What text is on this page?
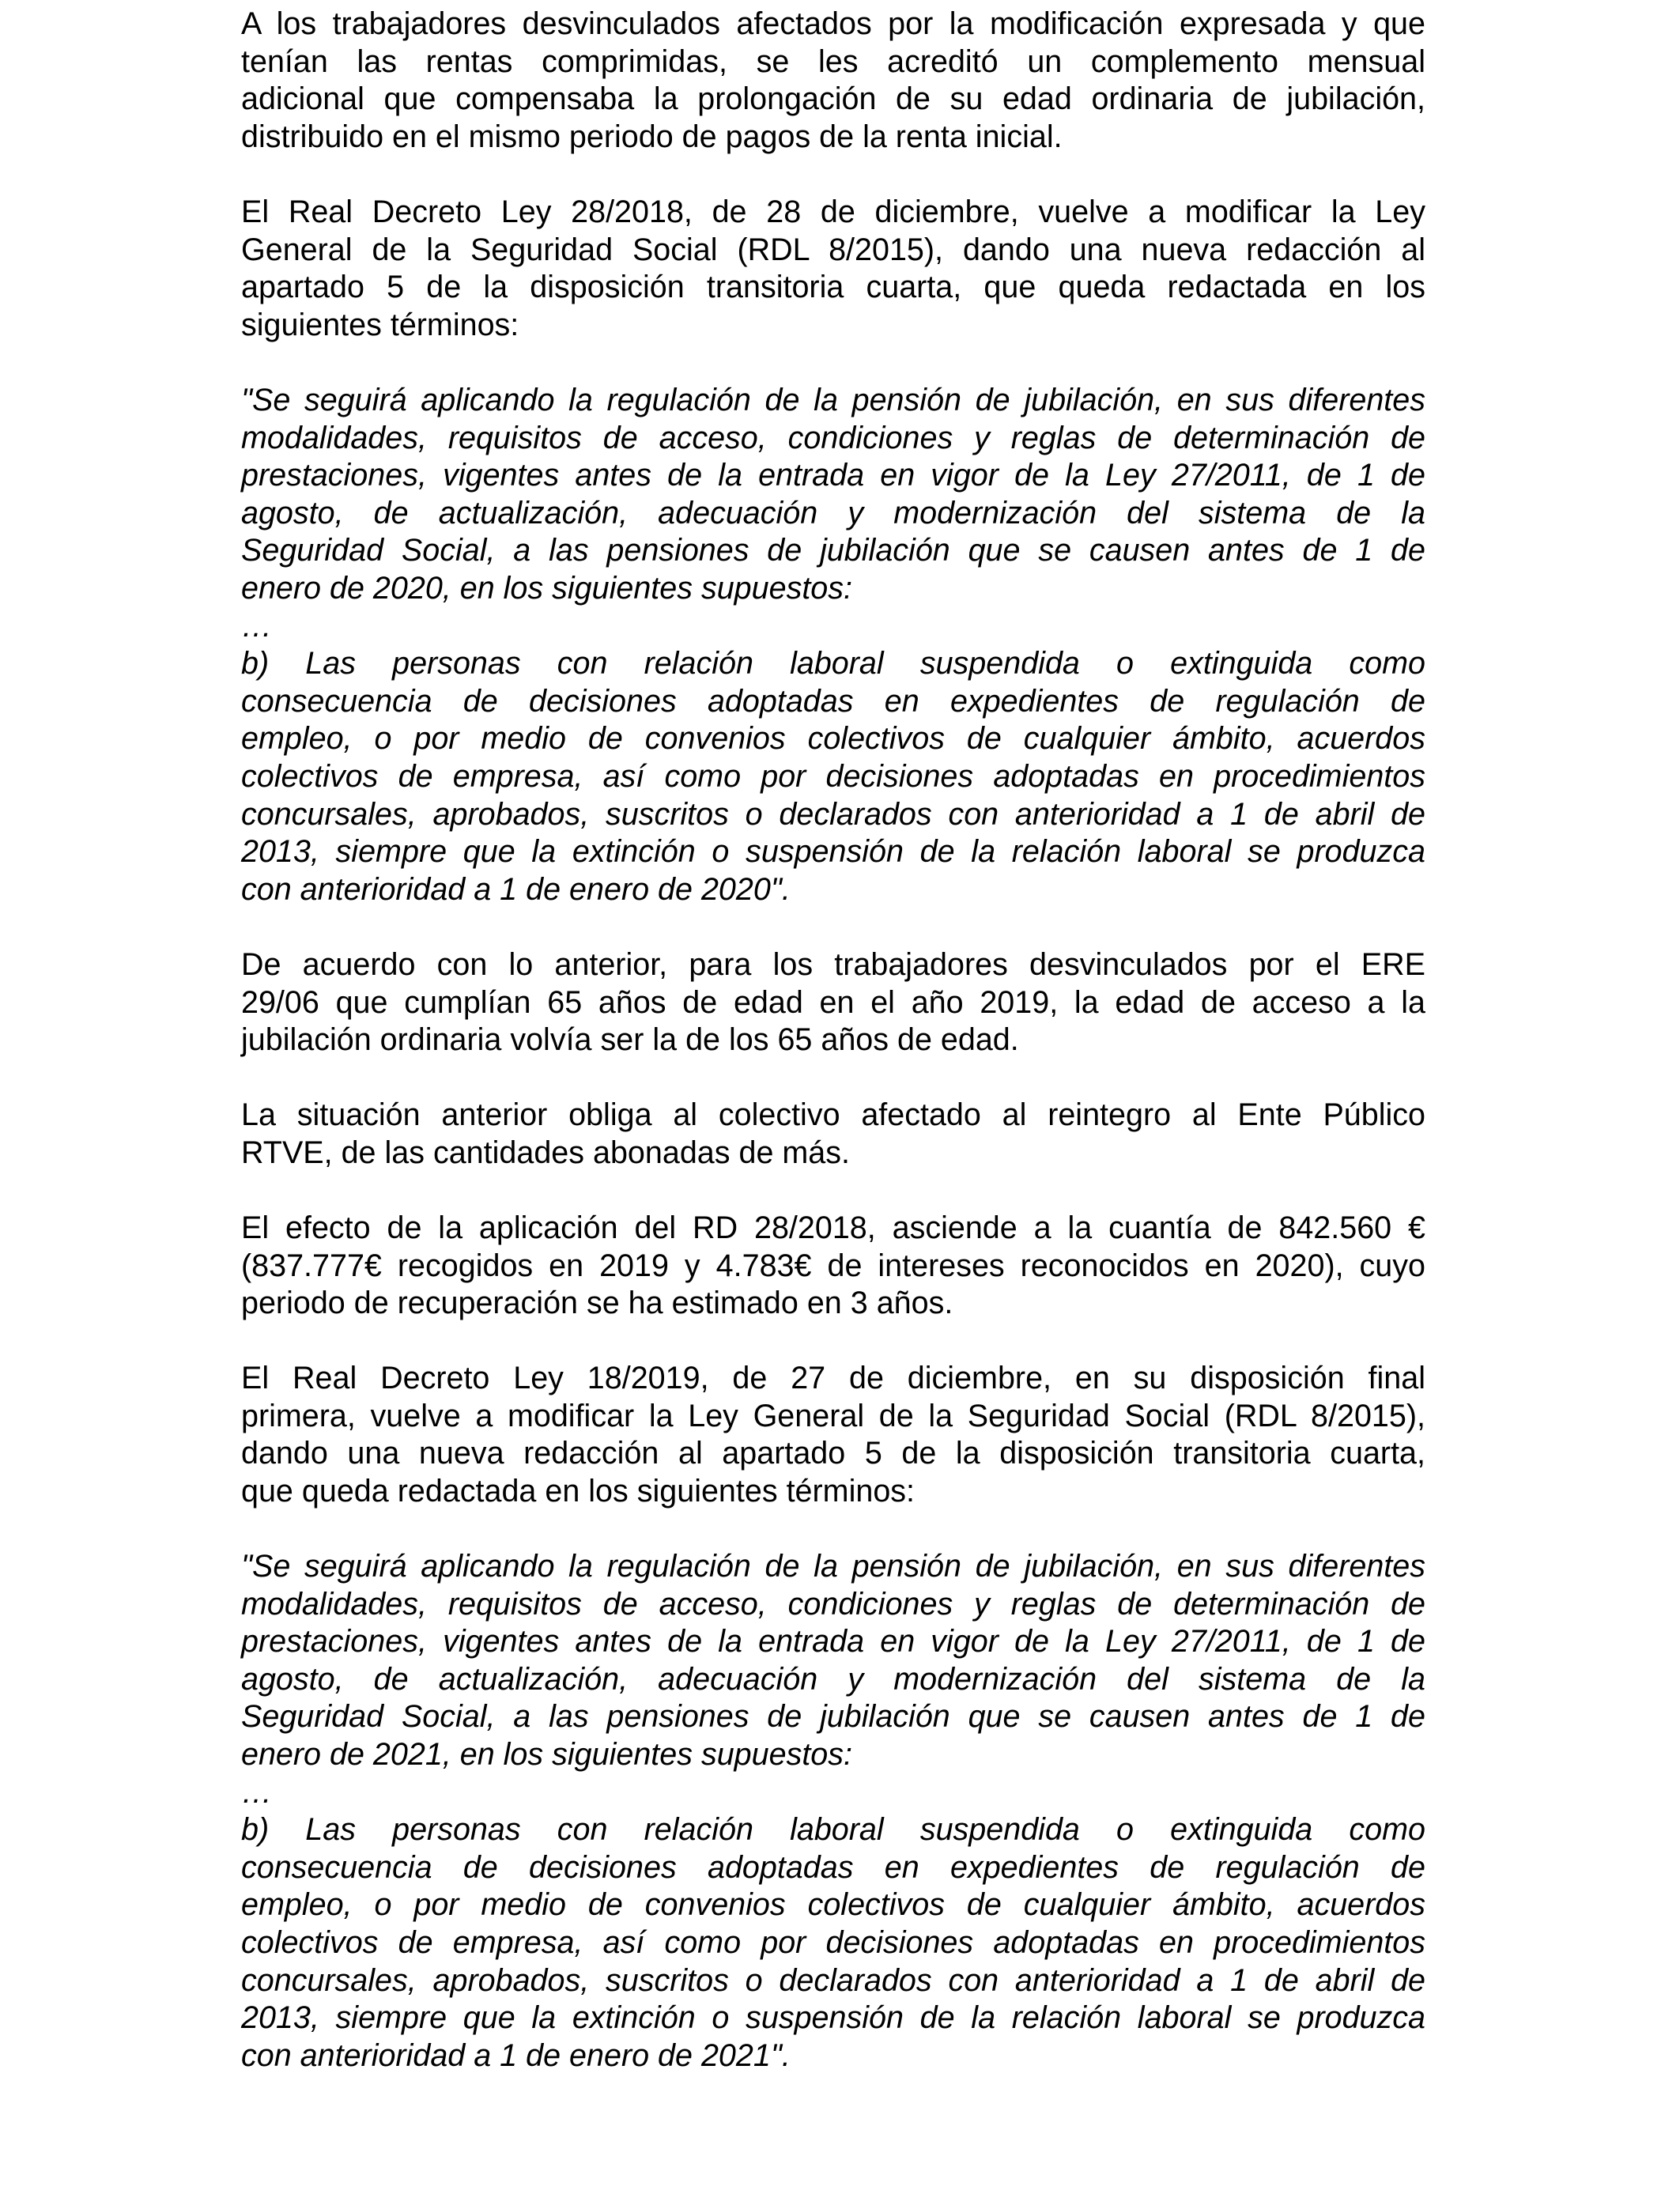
A los trabajadores desvinculados afectados por la modificación expresada y que
tenían las rentas comprimidas, se les acreditó un complemento mensual
adicional que compensaba la prolongación de su edad ordinaria de jubilación,
distribuido en el mismo periodo de pagos de la renta inicial.
El Real Decreto Ley 28/2018, de 28 de diciembre, vuelve a modificar la Ley
General de la Seguridad Social (RDL 8/2015), dando una nueva redacción al
apartado 5 de la disposición transitoria cuarta, que queda redactada en los
siguientes términos:
"Se seguirá aplicando la regulación de la pensión de jubilación, en sus diferentes
modalidades, requisitos de acceso, condiciones y reglas de determinación de
prestaciones, vigentes antes de la entrada en vigor de la Ley 27/2011, de 1 de
agosto, de actualización, adecuación y modernización del sistema de la
Seguridad Social, a las pensiones de jubilación que se causen antes de 1 de
enero de 2020, en los siguientes supuestos:
…
b) Las personas con relación laboral suspendida o extinguida como
consecuencia de decisiones adoptadas en expedientes de regulación de
empleo, o por medio de convenios colectivos de cualquier ámbito, acuerdos
colectivos de empresa, así como por decisiones adoptadas en procedimientos
concursales, aprobados, suscritos o declarados con anterioridad a 1 de abril de
2013, siempre que la extinción o suspensión de la relación laboral se produzca
con anterioridad a 1 de enero de 2020".
De acuerdo con lo anterior, para los trabajadores desvinculados por el ERE
29/06 que cumplían 65 años de edad en el año 2019, la edad de acceso a la
jubilación ordinaria volvía ser la de los 65 años de edad.
La situación anterior obliga al colectivo afectado al reintegro al Ente Público
RTVE, de las cantidades abonadas de más.
El efecto de la aplicación del RD 28/2018, asciende a la cuantía de 842.560 €
(837.777€ recogidos en 2019 y 4.783€ de intereses reconocidos en 2020), cuyo
periodo de recuperación se ha estimado en 3 años.
El Real Decreto Ley 18/2019, de 27 de diciembre, en su disposición final
primera, vuelve a modificar la Ley General de la Seguridad Social (RDL 8/2015),
dando una nueva redacción al apartado 5 de la disposición transitoria cuarta,
que queda redactada en los siguientes términos:
"Se seguirá aplicando la regulación de la pensión de jubilación, en sus diferentes
modalidades, requisitos de acceso, condiciones y reglas de determinación de
prestaciones, vigentes antes de la entrada en vigor de la Ley 27/2011, de 1 de
agosto, de actualización, adecuación y modernización del sistema de la
Seguridad Social, a las pensiones de jubilación que se causen antes de 1 de
enero de 2021, en los siguientes supuestos:
…
b) Las personas con relación laboral suspendida o extinguida como
consecuencia de decisiones adoptadas en expedientes de regulación de
empleo, o por medio de convenios colectivos de cualquier ámbito, acuerdos
colectivos de empresa, así como por decisiones adoptadas en procedimientos
concursales, aprobados, suscritos o declarados con anterioridad a 1 de abril de
2013, siempre que la extinción o suspensión de la relación laboral se produzca
con anterioridad a 1 de enero de 2021".
